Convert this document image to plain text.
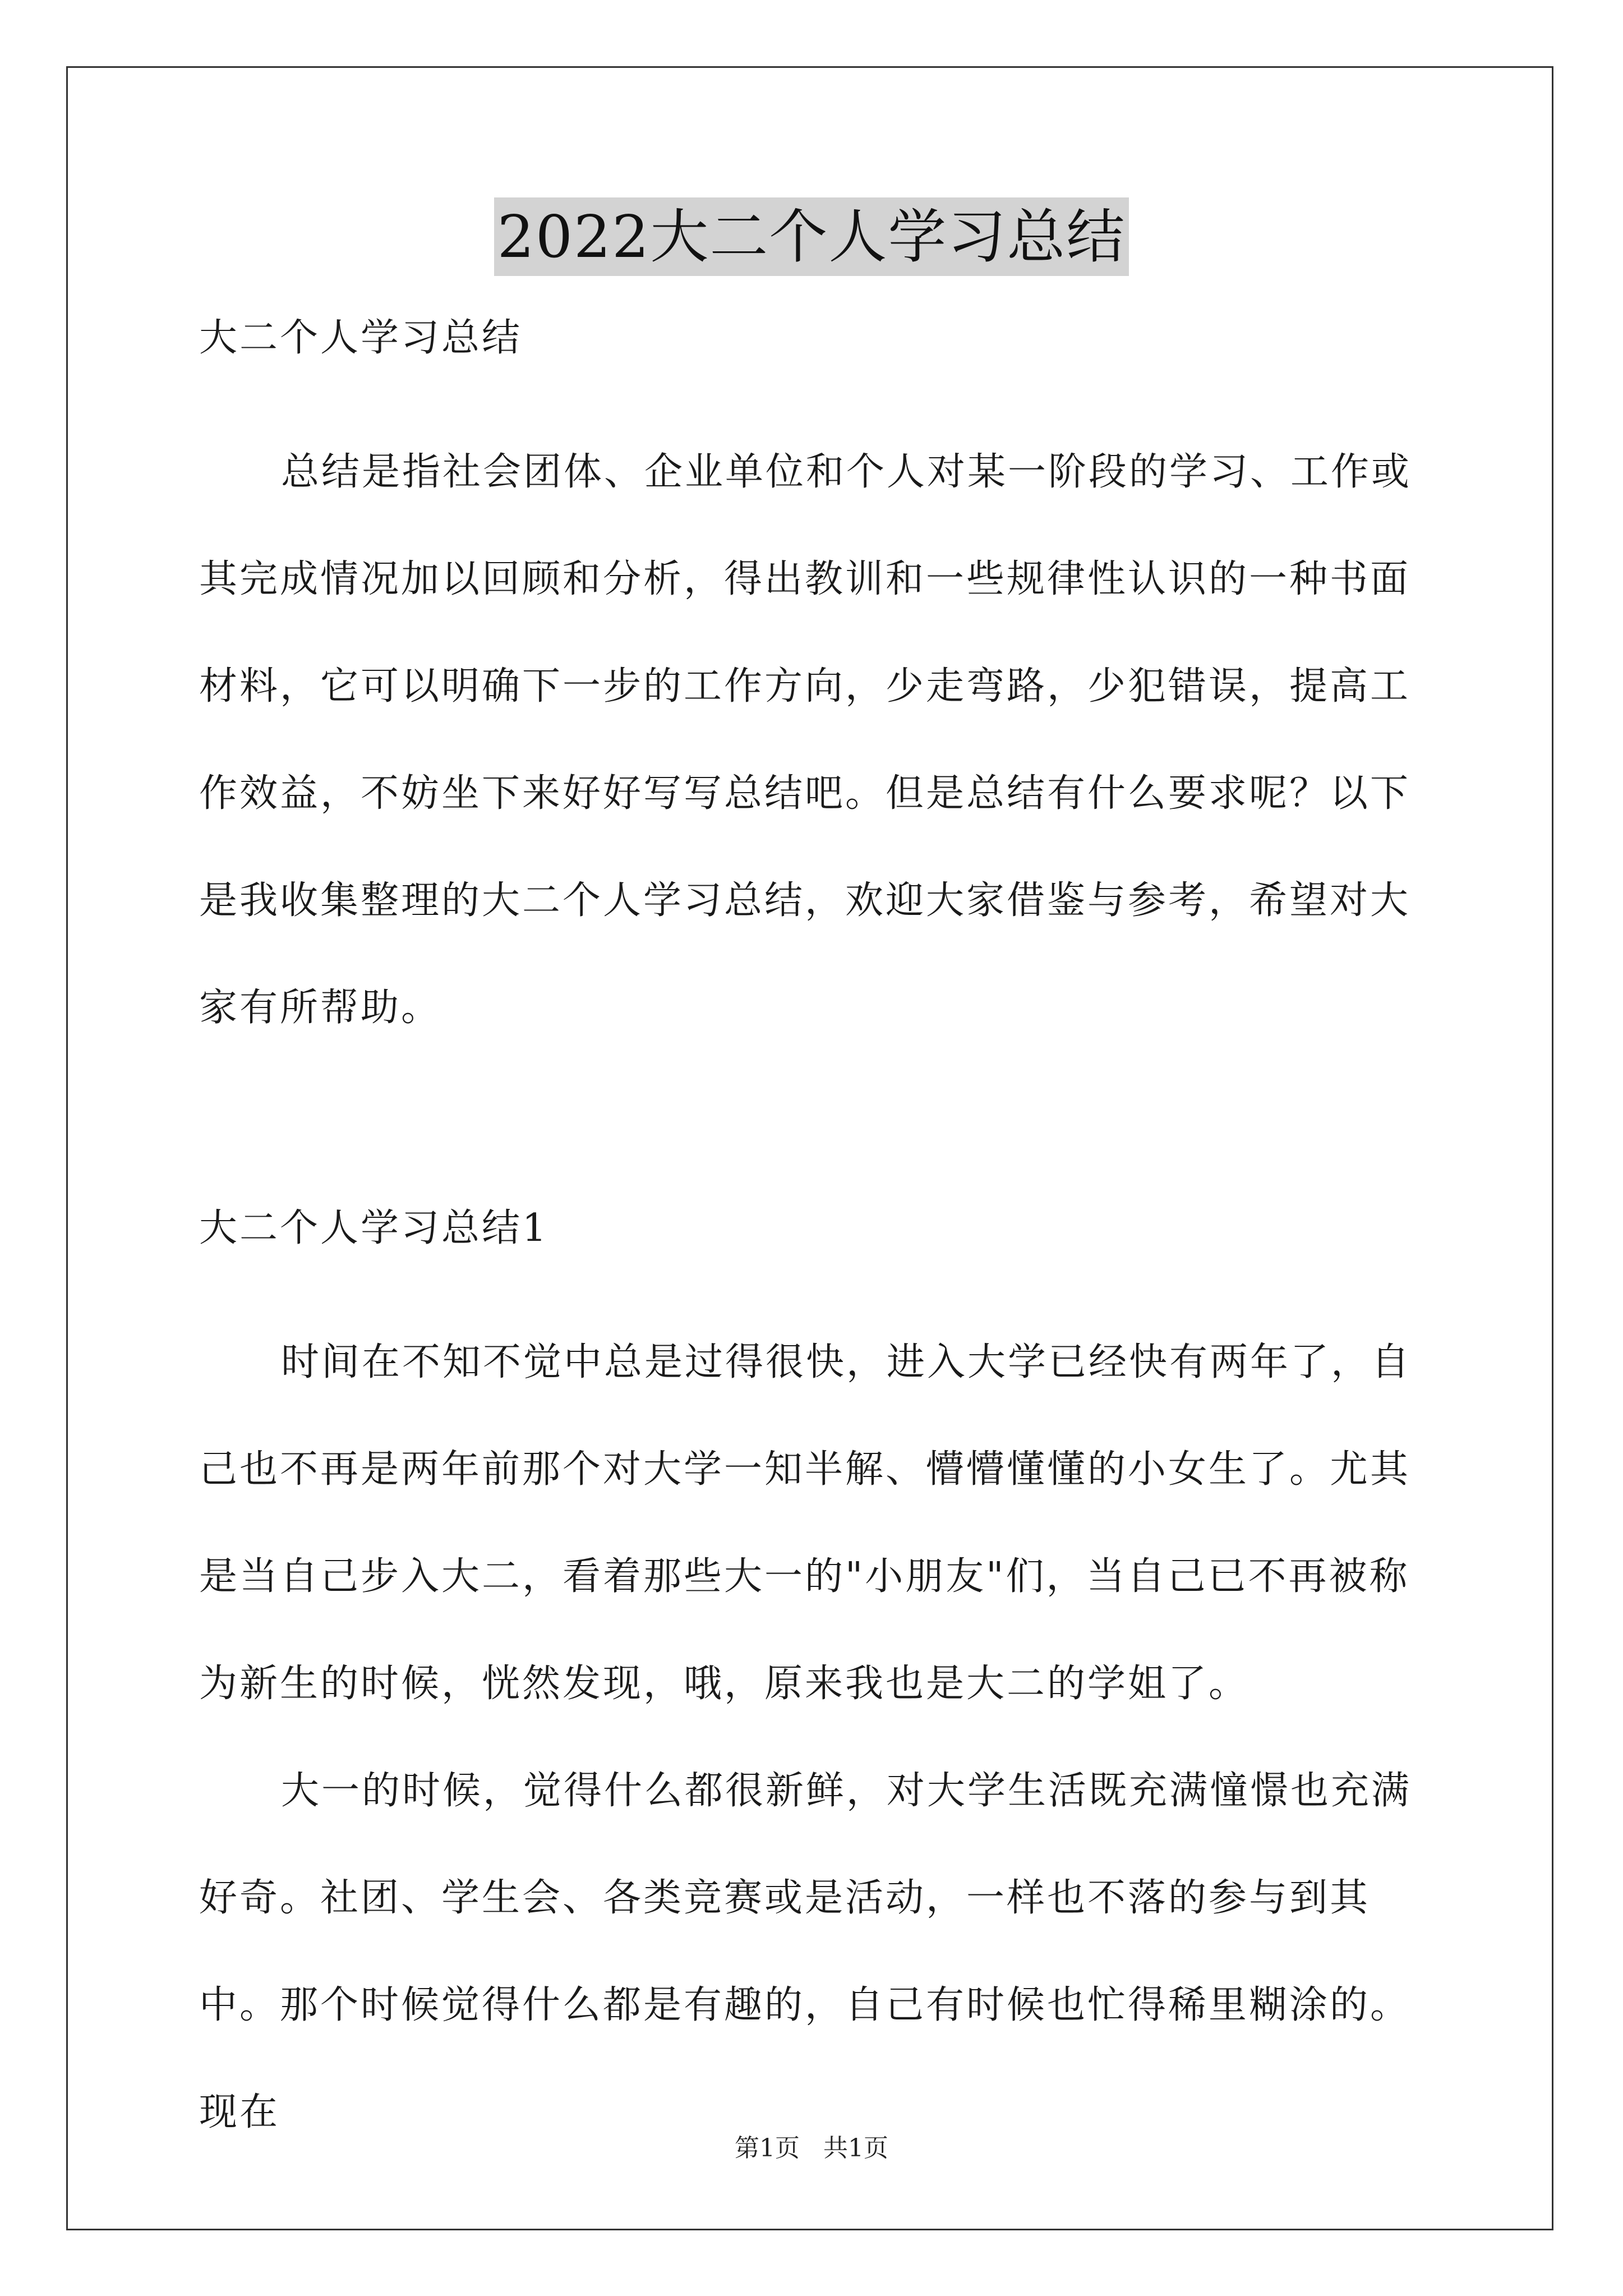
2022大二个人学习总结

大二个人学习总结

总结是指社会团体、企业单位和个人对某一阶段的学习、工作或其完成情况加以回顾和分析，得出教训和一些规律性认识的一种书面材料，它可以明确下一步的工作方向，少走弯路，少犯错误，提高工作效益，不妨坐下来好好写写总结吧。但是总结有什么要求呢？以下是我收集整理的大二个人学习总结，欢迎大家借鉴与参考，希望对大家有所帮助。

大二个人学习总结1

时间在不知不觉中总是过得很快，进入大学已经快有两年了，自己也不再是两年前那个对大学一知半解、懵懵懂懂的小女生了。尤其是当自己步入大二，看着那些大一的"小朋友"们，当自己已不再被称为新生的时候，恍然发现，哦，原来我也是大二的学姐了。

大一的时候，觉得什么都很新鲜，对大学生活既充满憧憬也充满好奇。社团、学生会、各类竞赛或是活动，一样也不落的参与到其中。那个时候觉得什么都是有趣的，自己有时候也忙得稀里糊涂的。现在

第1页 共1页
